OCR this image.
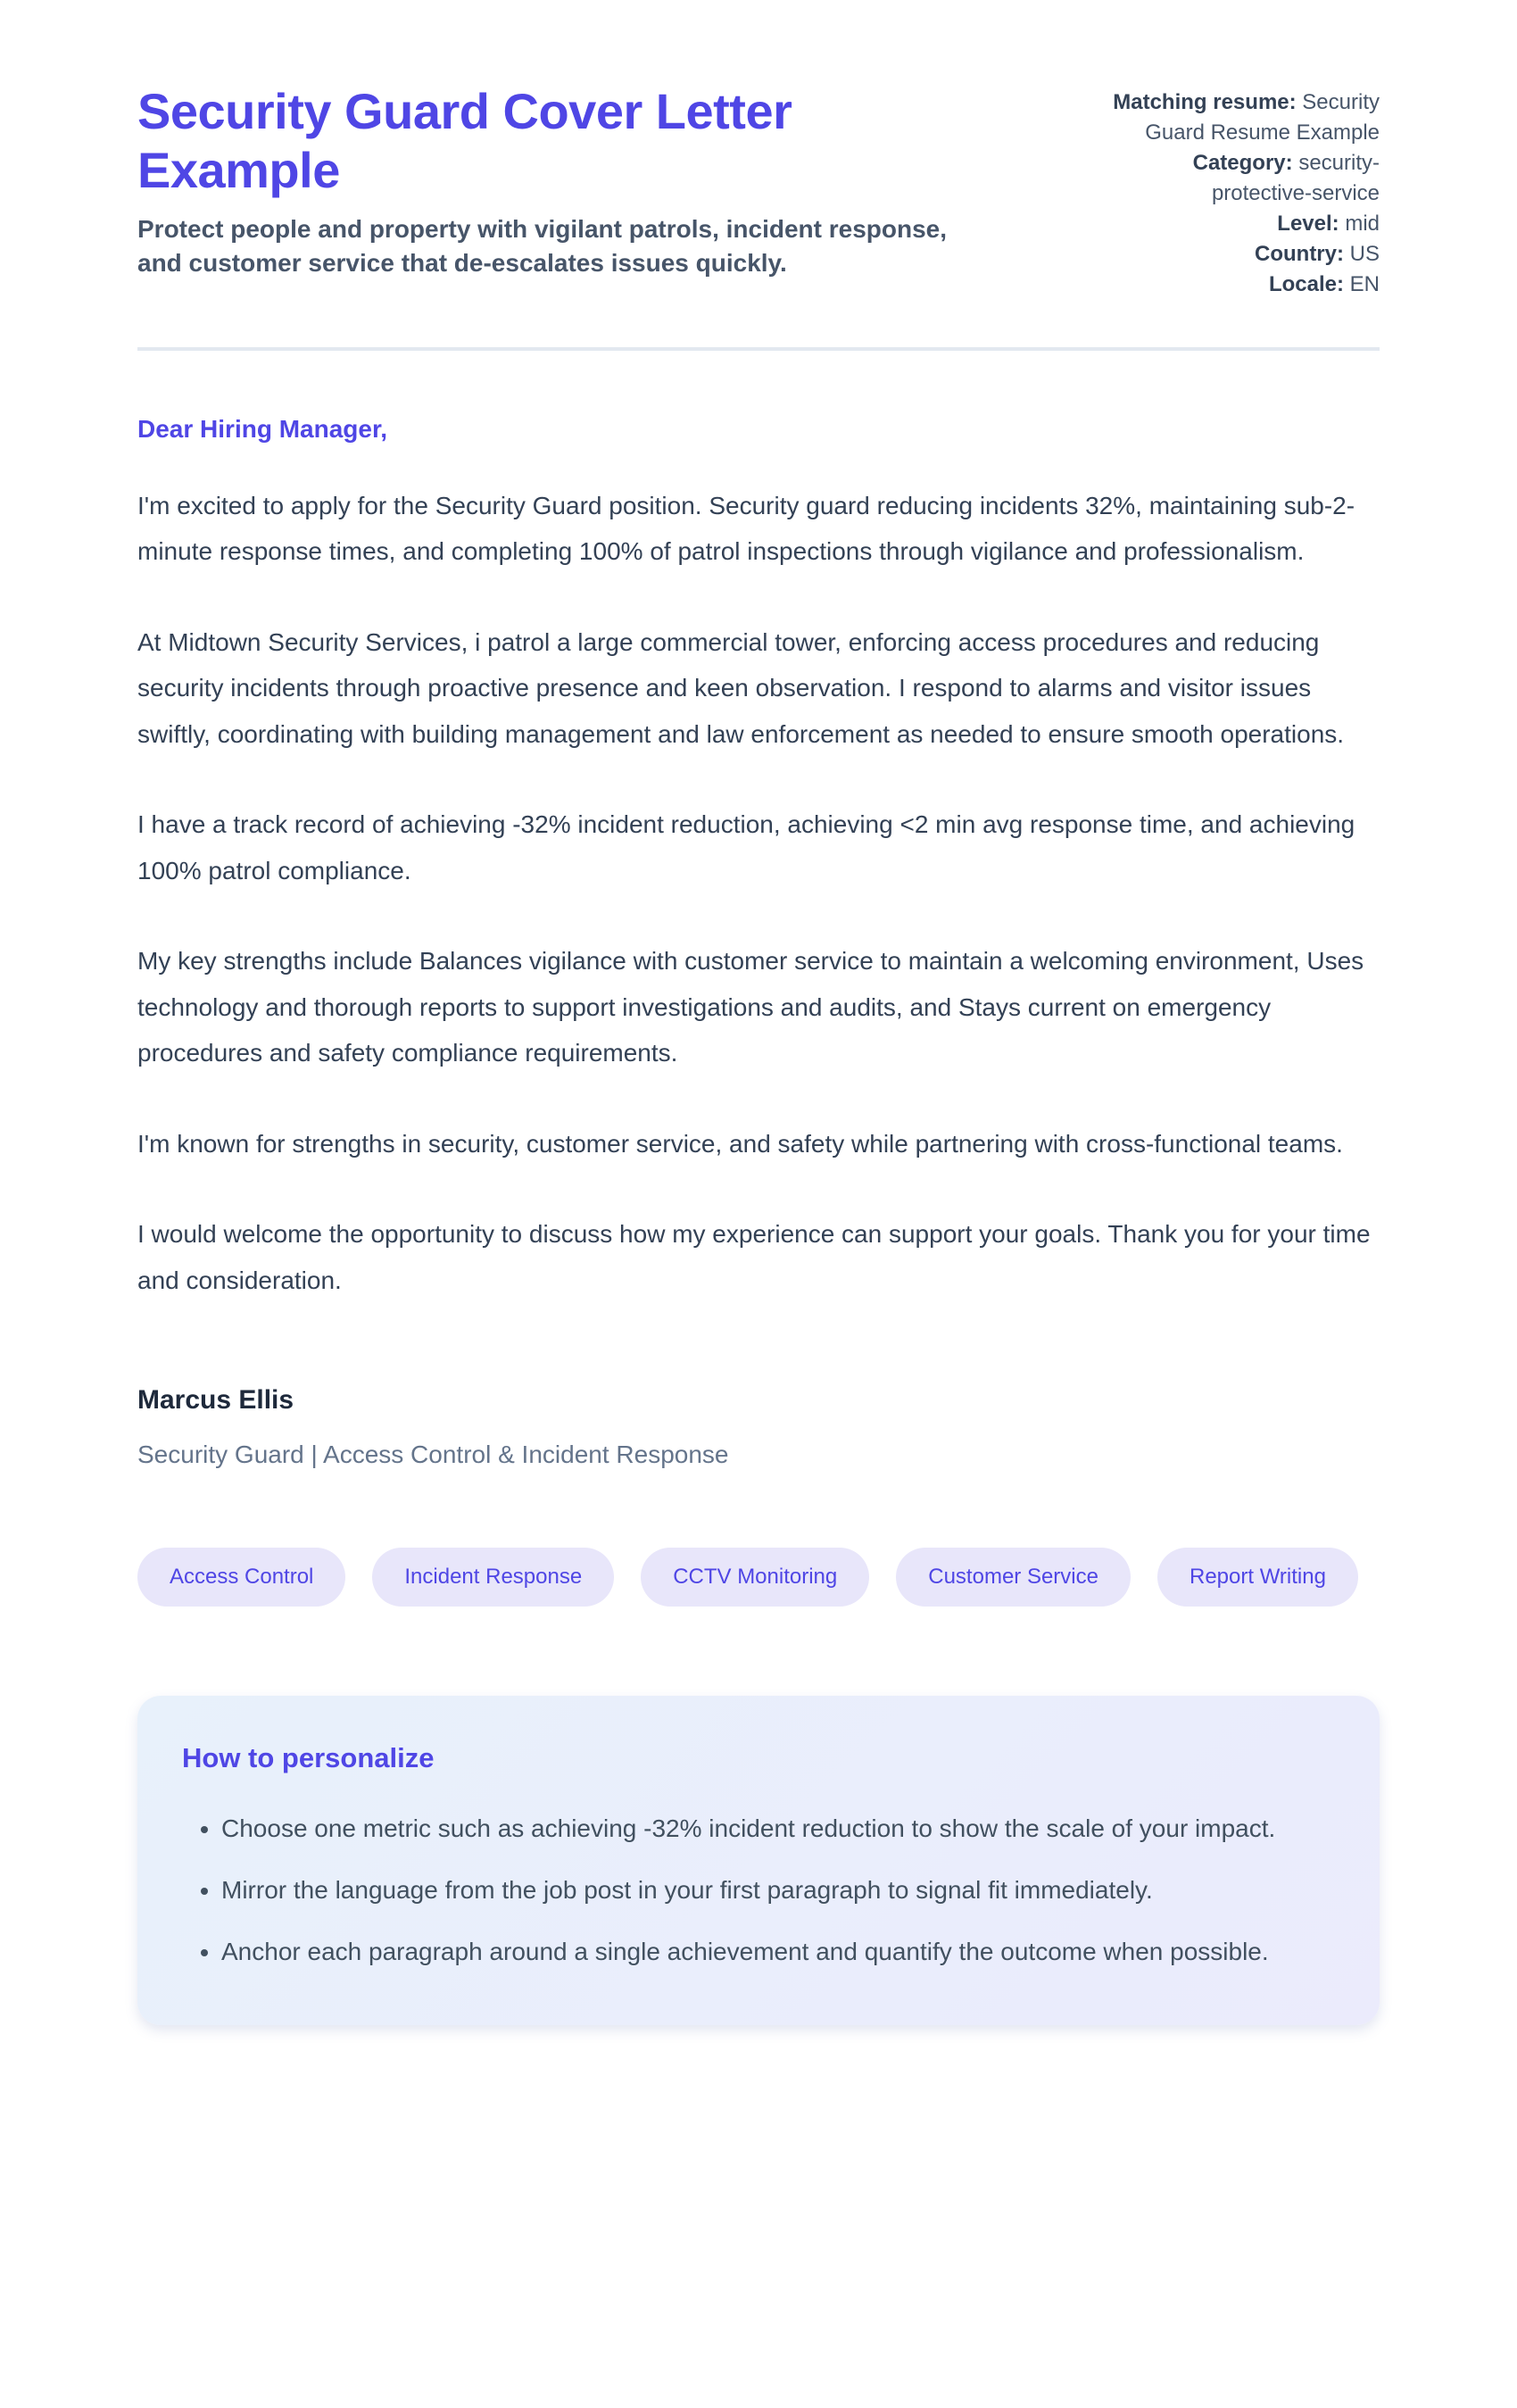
Security Guard Cover Letter Example
Protect people and property with vigilant patrols, incident response, and customer service that de-escalates issues quickly.
Matching resume: Security Guard Resume Example
Category: security-protective-service
Level: mid
Country: US
Locale: EN
Dear Hiring Manager,

I'm excited to apply for the Security Guard position. Security guard reducing incidents 32%, maintaining sub-2-minute response times, and completing 100% of patrol inspections through vigilance and professionalism.

At Midtown Security Services, i patrol a large commercial tower, enforcing access procedures and reducing security incidents through proactive presence and keen observation. I respond to alarms and visitor issues swiftly, coordinating with building management and law enforcement as needed to ensure smooth operations.

I have a track record of achieving -32% incident reduction, achieving <2 min avg response time, and achieving 100% patrol compliance.

My key strengths include Balances vigilance with customer service to maintain a welcoming environment, Uses technology and thorough reports to support investigations and audits, and Stays current on emergency procedures and safety compliance requirements.

I'm known for strengths in security, customer service, and safety while partnering with cross-functional teams.

I would welcome the opportunity to discuss how my experience can support your goals. Thank you for your time and consideration.

Marcus Ellis
Security Guard | Access Control & Incident Response
Access Control	Incident Response	CCTV Monitoring	Customer Service	Report Writing
How to personalize
• Choose one metric such as achieving -32% incident reduction to show the scale of your impact.
• Mirror the language from the job post in your first paragraph to signal fit immediately.
• Anchor each paragraph around a single achievement and quantify the outcome when possible.
